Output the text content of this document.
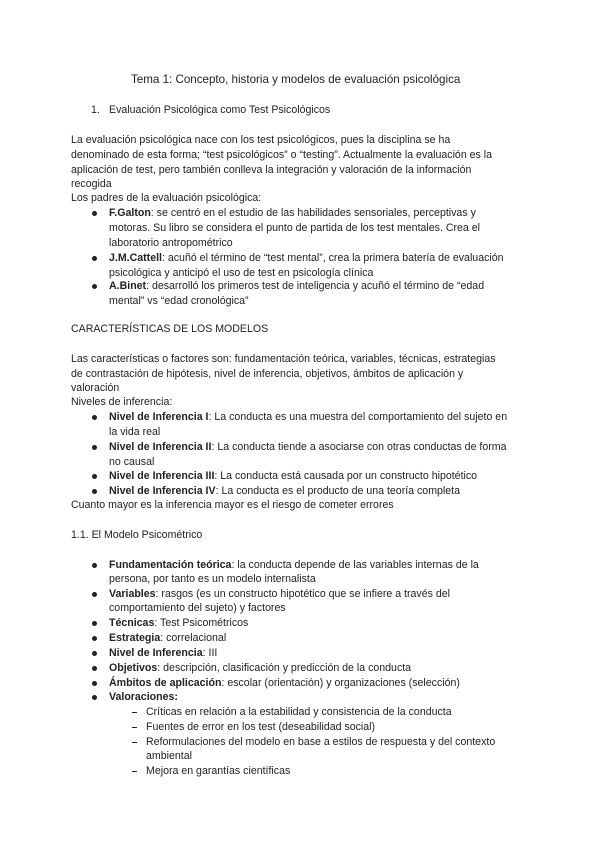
Tema 1: Concepto, historia y modelos de evaluación psicológica
1. Evaluación Psicológica como Test Psicológicos
La evaluación psicológica nace con los test psicológicos, pues la disciplina se ha
denominado de esta forma; “test psicológicos” o “testing”. Actualmente la evaluación es la
aplicación de test, pero también conlleva la integración y valoración de la información
recogida
Los padres de la evaluación psicológica:
F.Galton: se centró en el estudio de las habilidades sensoriales, perceptivas y
motoras. Su libro se considera el punto de partida de los test mentales. Crea el
laboratorio antropométrico
J.M.Cattell: acuñó el término de “test mental”, crea la primera batería de evaluación
psicológica y anticipó el uso de test en psicología clínica
A.Binet: desarrolló los primeros test de inteligencia y acuñó el término de “edad
mental” vs “edad cronológica”
CARACTERÍSTICAS DE LOS MODELOS
Las características o factores son: fundamentación teórica, variables, técnicas, estrategias
de contrastación de hipótesis, nivel de inferencia, objetivos, ámbitos de aplicación y
valoración
Niveles de inferencia:
Nivel de Inferencia I: La conducta es una muestra del comportamiento del sujeto en
la vida real
Nivel de Inferencia II: La conducta tiende a asociarse con otras conductas de forma
no causal
Nivel de Inferencia III: La conducta está causada por un constructo hipotético
Nivel de Inferencia IV: La conducta es el producto de una teoría completa
Cuanto mayor es la inferencia mayor es el riesgo de cometer errores
1.1. El Modelo Psicométrico
Fundamentación teórica: la conducta depende de las variables internas de la
persona, por tanto es un modelo internalista
Variables: rasgos (es un constructo hipotético que se infiere a través del
comportamiento del sujeto) y factores
Técnicas: Test Psicométricos
Estrategia: correlacional
Nivel de Inferencia: III
Objetivos: descripción, clasificación y predicción de la conducta
Ámbitos de aplicación: escolar (orientación) y organizaciones (selección)
Valoraciones:
Críticas en relación a la estabilidad y consistencia de la conducta
Fuentes de error en los test (deseabilidad social)
Reformulaciones del modelo en base a estilos de respuesta y del contexto
ambiental
Mejora en garantías científicas
